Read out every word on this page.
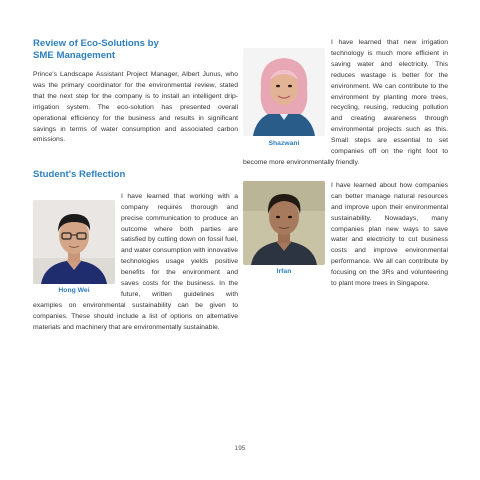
Review of Eco-Solutions by
SME Management

Prince's Landscape Assistant Project Manager, Albert Junus, who was the primary coordinator for the environmental review, stated that the next step for the company is to install an intelligent drip-irrigation system. The eco-solution has presented overall operational efficiency for the business and results in significant savings in terms of water consumption and associated carbon emissions.

Student's Reflection
Hong Wei

I have learned that working with a company requires thorough and precise communication to produce an outcome where both parties are satisfied by cutting down on fossil fuel, and water consumption with innovative technologies usage yields positive benefits for the environment and saves costs for the business. In the future, written guidelines with examples on environmental sustainability can be given to companies. These should include a list of options on alternative materials and machinery that are environmentally sustainable.

Shazwani

I have learned that new irrigation technology is much more efficient in saving water and electricity. This reduces wastage is better for the environment. We can contribute to the environment by planting more trees, recycling, reusing, reducing pollution and creating awareness through environmental projects such as this. Small steps are essential to set companies off on the right foot to become more environmentally friendly.

Irfan

I have learned about how companies can better manage natural resources and improve upon their environmental sustainability. Nowadays, many companies plan new ways to save water and electricity to cut business costs and improve environmental performance. We all can contribute by focusing on the 3Rs and volunteering to plant more trees in Singapore.

195
